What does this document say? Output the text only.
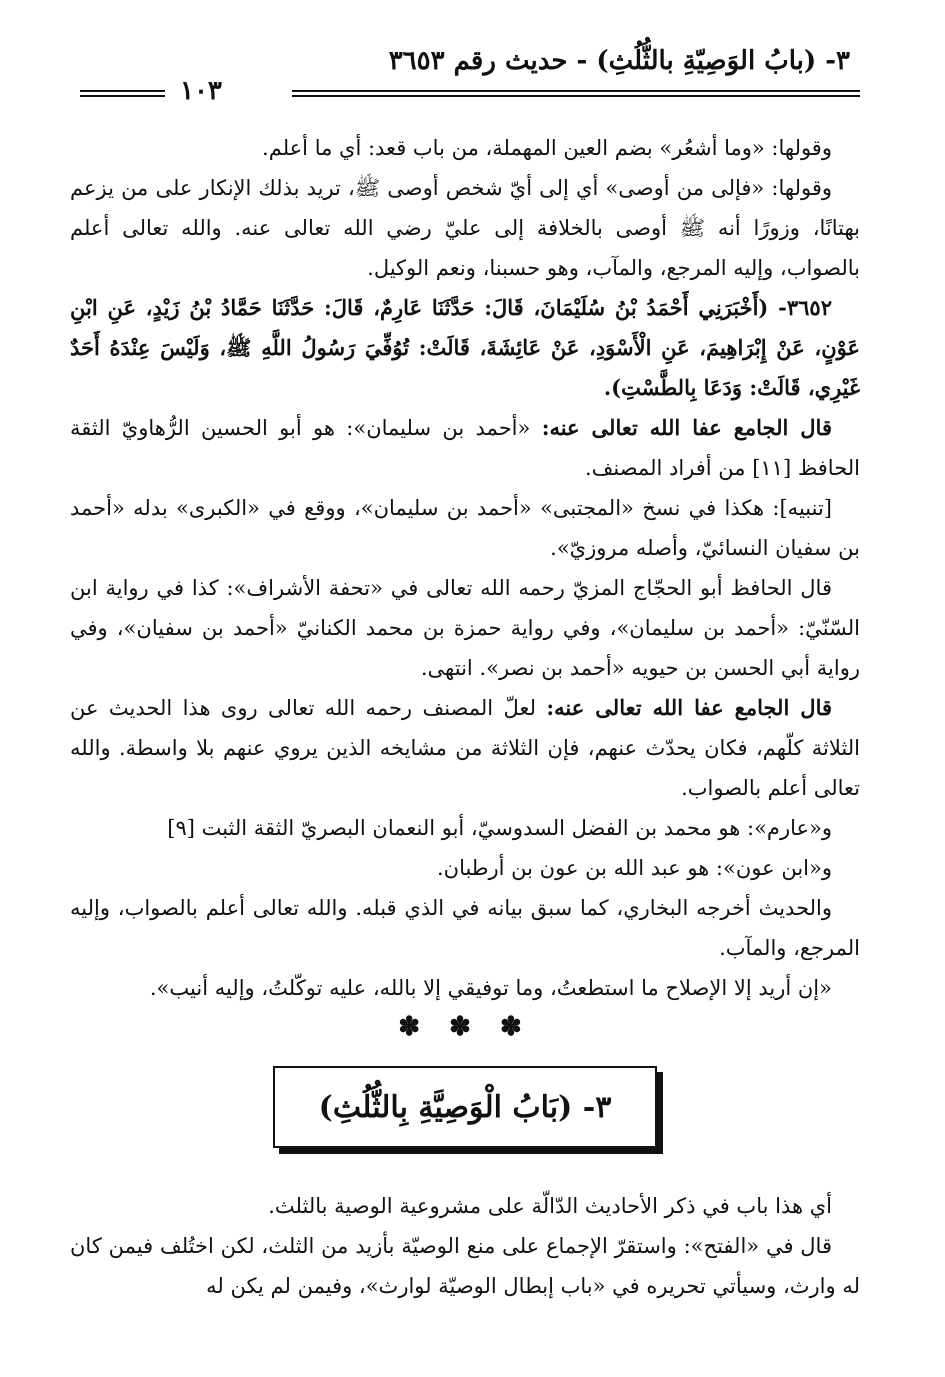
٣- (بابُ الوَصِيّةِ بالثُّلُثِ) - حديث رقم ٣٦٥٣
١٠٣

وقولها: «وما أشعُر» بضم العين المهملة، من باب قعد: أي ما أعلم.

وقولها: «فإلى من أوصى» أي إلى أيّ شخص أوصى ﷺ، تريد بذلك الإنكار على من يزعم بهتانًا، وزورًا أنه ﷺ أوصى بالخلافة إلى عليّ رضي الله تعالى عنه. والله تعالى أعلم بالصواب، وإليه المرجع، والمآب، وهو حسبنا، ونعم الوكيل.

٣٦٥٢- (أَخْبَرَنِي أَحْمَدُ بْنُ سُلَيْمَانَ، قَالَ: حَدَّثَنَا عَارِمٌ، قَالَ: حَدَّثَنَا حَمَّادُ بْنُ زَيْدٍ، عَنِ ابْنِ عَوْنٍ، عَنْ إِبْرَاهِيمَ، عَنِ الْأَسْوَدِ، عَنْ عَائِشَةَ، قَالَتْ: تُوُفِّيَ رَسُولُ اللَّهِ ﷺ، وَلَيْسَ عِنْدَهُ أَحَدٌ غَيْرِي، قَالَتْ: وَدَعَا بِالطَّسْتِ).

قال الجامع عفا الله تعالى عنه: «أحمد بن سليمان»: هو أبو الحسين الرُّهاويّ الثقة الحافظ [١١] من أفراد المصنف.

[تنبيه]: هكذا في نسخ «المجتبى» «أحمد بن سليمان»، ووقع في «الكبرى» بدله «أحمد بن سفيان النسائيّ، وأصله مروزيّ».

قال الحافظ أبو الحجّاج المزيّ رحمه الله تعالى في «تحفة الأشراف»: كذا في رواية ابن السّنّيّ: «أحمد بن سليمان»، وفي رواية حمزة بن محمد الكنانيّ «أحمد بن سفيان»، وفي رواية أبي الحسن بن حيويه «أحمد بن نصر». انتهى.

قال الجامع عفا الله تعالى عنه: لعلّ المصنف رحمه الله تعالى روى هذا الحديث عن الثلاثة كلّهم، فكان يحدّث عنهم، فإن الثلاثة من مشايخه الذين يروي عنهم بلا واسطة. والله تعالى أعلم بالصواب.

و«عارم»: هو محمد بن الفضل السدوسيّ، أبو النعمان البصريّ الثقة الثبت [٩]

و«ابن عون»: هو عبد الله بن عون بن أرطبان.

والحديث أخرجه البخاري، كما سبق بيانه في الذي قبله. والله تعالى أعلم بالصواب، وإليه المرجع، والمآب.

«إن أريد إلا الإصلاح ما استطعتُ، وما توفيقي إلا بالله، عليه توكّلتُ، وإليه أنيب».

✽ ✽ ✽
٣- (بَابُ الْوَصِيَّةِ بِالثُّلُثِ)

أي هذا باب في ذكر الأحاديث الدّالّة على مشروعية الوصية بالثلث.

قال في «الفتح»: واستقرّ الإجماع على منع الوصيّة بأزيد من الثلث، لكن اختُلف فيمن كان له وارث، وسيأتي تحريره في «باب إبطال الوصيّة لوارث»، وفيمن لم يكن له
